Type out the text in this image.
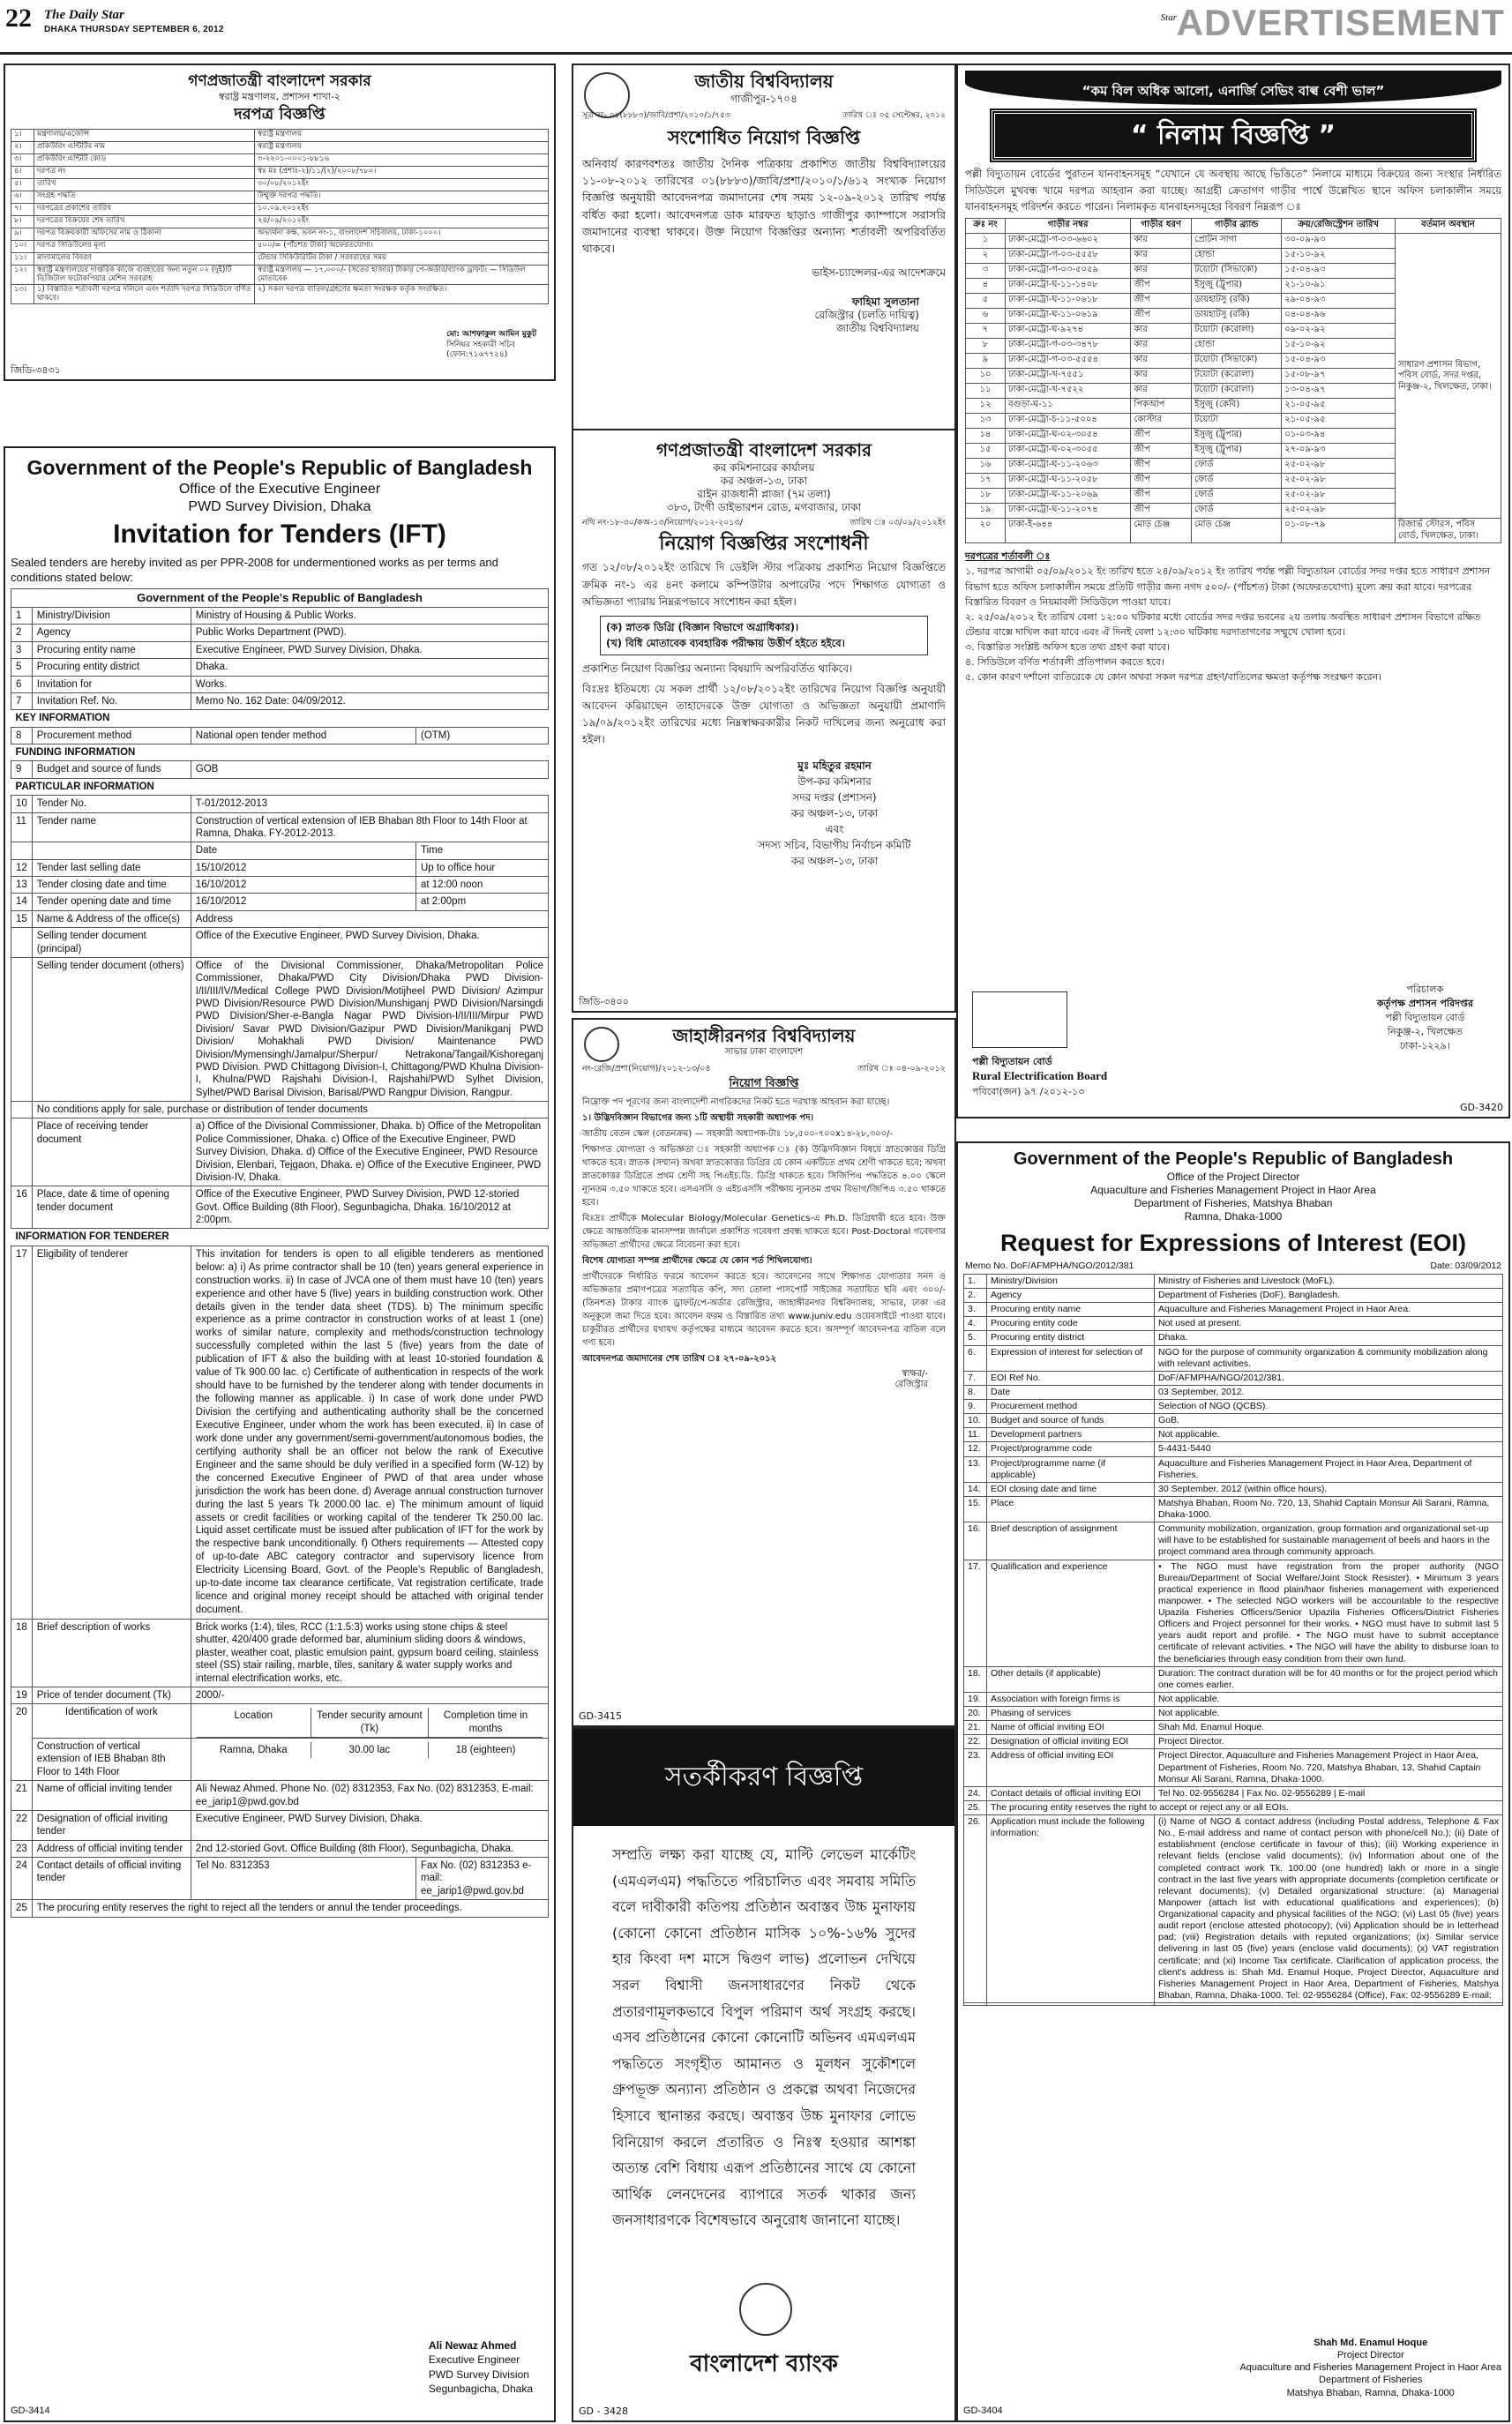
22 The Daily Star
DHAKA THURSDAY SEPTEMBER 6, 2012
Star ADVERTISEMENT
গণপ্রজাতন্ত্রী বাংলাদেশ সরকার
স্বরাষ্ট্র মন্ত্রণালয়, প্রশাসন শাখা-২
দরপত্র বিজ্ঞপ্তি
১।	মন্ত্রণালয়/এজেন্সি	স্বরাষ্ট্র মন্ত্রণালয়
২।	প্রকিউরিং এন্টিটির নাম	স্বরাষ্ট্র মন্ত্রণালয়
৩।	প্রকিউরিং এন্টিটি কোড	৩-২২০১-০০০১-৮৮১৬
৪।	দরপত্র নং	স্বঃ মঃ (প্রশাঃ-২)/১১/(২)/২০০৮/৭৮০।
৫।	তারিখ	৩০/০৮/২০১২ইং
৬।	সংগ্রহ পদ্ধতি	উন্মুক্ত দরপত্র পদ্ধতি।
৭।	দরপত্রের প্রকাশের তারিখ	১০.০৯.২০১২ইং
৮।	দরপত্রের বিক্রয়ের শেষ তারিখ	২৪/০৯/২০১২ইং
৯।	দরপত্র বিক্রয়কারী অফিসের নাম ও ঠিকানা	অভ্যর্থনা কক্ষ, ভবন নং-১, বাংলাদেশ সচিবালয়, ঢাকা-১০০০।
১০।	দরপত্র সিডিউলের মূল্য	৫০০/= (পাঁচশত টাকা) অফেরতযোগ্য।
১১।	মালামালের বিবরণ	টেন্ডার সিকিউরিটির টাকা / সরবরাহের সময়
১২।	স্বরাষ্ট্র মন্ত্রণালয়ের দাপ্তরিক কাজে ব্যবহারের জন্য নতুন ০২ (দুই)টি ডিজিটাল ফটোকপিয়ার মেশিন সরবরাহ	স্বরাষ্ট্র মন্ত্রণালয় — ১৭,০০০/- (সতের হাজার) টাকার পে-অর্ডার/ব্যাংক ড্রাফট। — সিডিউল মোতাবেক
১৩।	১) বিস্তারিত শর্তাবলী দরপত্র দলিলে এবং শর্তাদি দরপত্র সিডিউলে বর্ণিত থাকবে।	২) সকল দরপত্র বাতিল/গ্রহণের ক্ষমতা সংরক্ষক কর্তৃক সংরক্ষিত।
মো: আশফাকুল আমিন মুকুট
সিনিয়র সহকারী সচিব
(ফোন:৭১৬৭৭২৪)
জিডি-৩৪৩১
Government of the People's Republic of Bangladesh
Office of the Executive Engineer
PWD Survey Division, Dhaka
Invitation for Tenders (IFT)
Sealed tenders are hereby invited as per PPR-2008 for undermentioned works as per terms and conditions stated below:
Government of the People's Republic of Bangladesh
1	Ministry/Division	Ministry of Housing & Public Works.
2	Agency	Public Works Department (PWD).
3	Procuring entity name	Executive Engineer, PWD Survey Division, Dhaka.
5	Procuring entity district	Dhaka.
6	Invitation for	Works.
7	Invitation Ref. No.	Memo No. 162 Date: 04/09/2012.
KEY INFORMATION
8	Procurement method	National open tender method	(OTM)
FUNDING INFORMATION
9	Budget and source of funds	GOB
PARTICULAR INFORMATION
10	Tender No.	T-01/2012-2013
11	Tender name	Construction of vertical extension of IEB Bhaban 8th Floor to 14th Floor at Ramna, Dhaka. FY-2012-2013.
		Date	Time
12	Tender last selling date	15/10/2012	Up to office hour
13	Tender closing date and time	16/10/2012	at 12:00 noon
14	Tender opening date and time	16/10/2012	at 2:00pm
15	Name & Address of the office(s)	Address
	Selling tender document (principal)	Office of the Executive Engineer, PWD Survey Division, Dhaka.
	Selling tender document (others)	Office of the Divisional Commissioner, Dhaka/Metropolitan Police Commissioner, Dhaka/PWD City Division/Dhaka PWD Division-I/II/III/IV/Medical College PWD Division/Motijheel PWD Division/ Azimpur PWD Division/Resource PWD Division/Munshiganj PWD Division/Narsingdi PWD Division/Sher-e-Bangla Nagar PWD Division-I/II/III/Mirpur PWD Division/ Savar PWD Division/Gazipur PWD Division/Manikganj PWD Division/ Mohakhali PWD Division/ Maintenance PWD Division/Mymensingh/Jamalpur/Sherpur/ Netrakona/Tangail/Kishoreganj PWD Division. PWD Chittagong Division-I, Chittagong/PWD Khulna Division-I, Khulna/PWD Rajshahi Division-I, Rajshahi/PWD Sylhet Division, Sylhet/PWD Barisal Division, Barisal/PWD Rangpur Division, Rangpur.
	No conditions apply for sale, purchase or distribution of tender documents
	Place of receiving tender document	a) Office of the Divisional Commissioner, Dhaka. b) Office of the Metropolitan Police Commissioner, Dhaka. c) Office of the Executive Engineer, PWD Survey Division, Dhaka. d) Office of the Executive Engineer, PWD Resource Division, Elenbari, Tejgaon, Dhaka. e) Office of the Executive Engineer, PWD Division-IV, Dhaka.
16	Place, date & time of opening tender document	Office of the Executive Engineer, PWD Survey Division, PWD 12-storied Govt. Office Building (8th Floor), Segunbagicha, Dhaka. 16/10/2012 at 2:00pm.
INFORMATION FOR TENDERER
17	Eligibility of tenderer	This invitation for tenders is open to all eligible tenderers as mentioned below: a) i) As prime contractor shall be 10 (ten) years general experience in construction works. ii) In case of JVCA one of them must have 10 (ten) years experience and other have 5 (five) years in building construction work. Other details given in the tender data sheet (TDS). b) The minimum specific experience as a prime contractor in construction works of at least 1 (one) works of similar nature, complexity and methods/construction technology successfully completed within the last 5 (five) years from the date of publication of IFT & also the building with at least 10-storied foundation & value of Tk 900.00 lac. c) Certificate of authentication in respects of the work should have to be furnished by the tenderer along with tender documents in the following manner as applicable. i) In case of work done under PWD Division the certifying and authenticating authority shall be the concerned Executive Engineer, under whom the work has been executed. ii) In case of work done under any government/semi-government/autonomous bodies, the certifying authority shall be an officer not below the rank of Executive Engineer and the same should be duly verified in a specified form (W-12) by the concerned Executive Engineer of PWD of that area under whose jurisdiction the work has been done. d) Average annual construction turnover during the last 5 years Tk 2000.00 lac. e) The minimum amount of liquid assets or credit facilities or working capital of the tenderer Tk 250.00 lac. Liquid asset certificate must be issued after publication of IFT for the work by the respective bank unconditionally. f) Others requirements — Attested copy of up-to-date ABC category contractor and supervisory licence from Electricity Licensing Board, Govt. of the People's Republic of Bangladesh, up-to-date income tax clearance certificate, Vat registration certificate, trade licence and original money receipt should be attached with original tender document.
18	Brief description of works	Brick works (1:4), tiles, RCC (1:1.5:3) works using stone chips & steel shutter, 420/400 grade deformed bar, aluminium sliding doors & windows, plaster, weather coat, plastic emulsion paint, gypsum board ceiling, stainless steel (SS) stair railing, marble, tiles, sanitary & water supply works and internal electrification works, etc.
19	Price of tender document (Tk)	2000/-
20	Identification of work		Location	Tender security amount (Tk)	Completion time in months

Construction of vertical extension of IEB Bhaban 8th Floor to 14th Floor	
Ramna, Dhaka	30.00 lac	18 (eighteen)

21	Name of official inviting tender	Ali Newaz Ahmed. Phone No. (02) 8312353, Fax No. (02) 8312353, E-mail: ee_jarip1@pwd.gov.bd
22	Designation of official inviting tender	Executive Engineer, PWD Survey Division, Dhaka.
23	Address of official inviting tender	2nd 12-storied Govt. Office Building (8th Floor), Segunbagicha, Dhaka.
24	Contact details of official inviting tender	Tel No. 8312353	Fax No. (02) 8312353 e-mail: ee_jarip1@pwd.gov.bd
25	The procuring entity reserves the right to reject all the tenders or annul the tender proceedings.
Ali Newaz Ahmed
Executive Engineer
PWD Survey Division
Segunbagicha, Dhaka
GD-3414
জাতীয় বিশ্ববিদ্যালয়
গাজীপুর-১৭০৪
সূত্র নং- ০১(৮৮৮৩)/জাবি/প্রশা/২০১০/১/৭৫৩	তারিখ ঃ ০৫ সেপ্টেম্বর, ২০১২
সংশোধিত নিয়োগ বিজ্ঞপ্তি

অনিবার্য কারণবশতঃ জাতীয় দৈনিক পত্রিকায় প্রকাশিত জাতীয় বিশ্ববিদ্যালয়ের ১১-০৮-২০১২ তারিখের ০১(৮৮৮৩)/জাবি/প্রশা/২০১০/১/৬১২ সংখ্যক নিয়োগ বিজ্ঞপ্তি অনুযায়ী আবেদনপত্র জমাদানের শেষ সময় ১২-০৯-২০১২ তারিখ পর্যন্ত বর্ধিত করা হলো। আবেদনপত্র ডাক মারফত ছাড়াও গাজীপুর ক্যাম্পাসে সরাসরি জমাদানের ব্যবস্থা থাকবে। উক্ত নিয়োগ বিজ্ঞপ্তির অন্যান্য শর্তাবলী অপরিবর্তিত থাকবে।

ভাইস-চ্যান্সেলর-এর আদেশক্রমে
ফাহিমা সুলতানা
রেজিস্ট্রার (চলতি দায়িত্ব)
জাতীয় বিশ্ববিদ্যালয়
গণপ্রজাতন্ত্রী বাংলাদেশ সরকার
কর কমিশনারের কার্যালয়
কর অঞ্চল-১৩, ঢাকা
রাইন রাজধানী প্লাজা (৭ম তলা)
৩৮৩, টংগী ডাইভারশন রোড, মগবাজার, ঢাকা
নথি নং-১৮-৩০/কঅ-১৩/নিয়োগ/২০১২-২০১৩/	তারিখ ঃ ০৩/০৯/২০১২ইং
নিয়োগ বিজ্ঞপ্তির সংশোধনী

গত ১২/০৮/২০১২ইং তারিখে দি ডেইলি স্টার পত্রিকায় প্রকাশিত নিয়োগ বিজ্ঞপ্তিতে ক্রমিক নং-১ এর ৪নং কলামে কম্পিউটার অপারেটর পদে শিক্ষাগত যোগ্যতা ও অভিজ্ঞতা প্যারায় নিম্নরূপভাবে সংশোধন করা হইল।

(ক) স্নাতক ডিগ্রি (বিজ্ঞান বিভাগে অগ্রাধিকার)।
(খ) বিধি মোতাবেক ব্যবহারিক পরীক্ষায় উত্তীর্ণ হইতে হইবে।

প্রকাশিত নিয়োগ বিজ্ঞপ্তির অন্যান্য বিষয়াদি অপরিবর্তিত থাকিবে।

বিঃদ্রঃ ইতিমধ্যে যে সকল প্রার্থী ১২/০৮/২০১২ইং তারিখের নিয়োগ বিজ্ঞপ্তি অনুযায়ী আবেদন করিয়াছেন তাহাদেরকে উক্ত যোগ্যতা ও অভিজ্ঞতা অনুযায়ী প্রমাণাদি ১৯/০৯/২০১২ইং তারিখের মধ্যে নিম্নস্বাক্ষরকারীর নিকট দাখিলের জন্য অনুরোধ করা হইল।

মুঃ মহিতুর রহমান
উপ-কর কমিশনার
সদর দপ্তর (প্রশাসন)
কর অঞ্চল-১৩, ঢাকা
এবং
সদস্য সচিব, বিভাগীয় নির্বাচন কমিটি
কর অঞ্চল-১৩, ঢাকা
জিডি-৩৪০০
জাহাঙ্গীরনগর বিশ্ববিদ্যালয়
সাভার ঢাকা বাংলাদেশ
নং-রেজি/প্রশা(নিয়োগ)/২০১২-১৩/০৪	তারিখ ঃ ০৪-০৯-২০১২
নিয়োগ বিজ্ঞপ্তি

নিম্নোক্ত পদ পূরণের জন্য বাংলাদেশী নাগরিকদের নিকট হতে দরখাস্ত আহবান করা যাচ্ছে।

১। উদ্ভিদবিজ্ঞান বিভাগের জন্য ১টি অস্থায়ী সহকারী অধ্যাপক পদ।

জাতীয় বেতন স্কেল (বেতনক্রম) — সহকারী অধ্যাপক-টাঃ ১৮,৫০০-৭০০x১৪-২৮,৩০০/-

শিক্ষাগত যোগ্যতা ও অভিজ্ঞতা ঃ সহকারী অধ্যাপক ঃ (ক) উদ্ভিদবিজ্ঞান বিষয়ে স্নাতকোত্তর ডিগ্রি থাকতে হবে। স্নাতক (সম্মান) অথবা স্নাতকোত্তর ডিগ্রির যে কোন একটিতে প্রথম শ্রেণী থাকতে হবে; অথবা স্নাতকোত্তর ডিগ্রিতে প্রথম শ্রেণী সহ পিএইচ.ডি. ডিগ্রি থাকতে হবে। সিজিপিএ পদ্ধতিতে ৪.০০ স্কেলে ন্যূনতম ৩.৫০ থাকতে হবে। এসএসসি ও এইচএসসি পরীক্ষায় ন্যূনতম প্রথম বিভাগ/জিপিএ ৩.৫০ থাকতে হবে।

বিঃদ্রঃ প্রার্থীকে Molecular Biology/Molecular Genetics-এ Ph.D. ডিগ্রিধারী হতে হবে। উক্ত ক্ষেত্রে আন্তর্জাতিক মানসম্পন্ন জার্নালে প্রকাশিত গবেষণা প্রবন্ধ থাকতে হবে। Post-Doctoral গবেষণার অভিজ্ঞতা প্রার্থীদের ক্ষেত্রে বিবেচনা করা হবে।

বিশেষ যোগ্যতা সম্পন্ন প্রার্থীদের ক্ষেত্রে যে কোন শর্ত শিথিলযোগ্য।

প্রার্থীদেরকে নির্ধারিত ফরমে আবেদন করতে হবে। আবেদনের সাথে শিক্ষাগত যোগ্যতার সনদ ও অভিজ্ঞতার প্রমাণপত্রের সত্যায়িত কপি, সদ্য তোলা পাসপোর্ট সাইজের সত্যায়িত ছবি এবং ৩০০/- (তিনশত) টাকার ব্যাংক ড্রাফট/পে-অর্ডার রেজিস্ট্রার, জাহাঙ্গীরনগর বিশ্ববিদ্যালয়, সাভার, ঢাকা এর অনুকূলে জমা দিতে হবে। আবেদন ফরম ও বিস্তারিত তথ্য www.juniv.edu ওয়েবসাইটে পাওয়া যাবে। চাকুরীরত প্রার্থীদের যথাযথ কর্তৃপক্ষের মাধ্যমে আবেদন করতে হবে। অসম্পূর্ণ আবেদনপত্র বাতিল বলে গণ্য হবে।

আবেদনপত্র জমাদানের শেষ তারিখ ঃ ২৭-০৯-২০১২

স্বাক্ষর/-
রেজিস্ট্রার
GD-3415
সতর্কীকরণ বিজ্ঞপ্তি

সম্প্রতি লক্ষ্য করা যাচ্ছে যে, মাল্টি লেভেল মার্কেটিং (এমএলএম) পদ্ধতিতে পরিচালিত এবং সমবায় সমিতি বলে দাবীকারী কতিপয় প্রতিষ্ঠান অবাস্তব উচ্চ মুনাফায় (কোনো কোনো প্রতিষ্ঠান মাসিক ১০%-১৬% সুদের হার কিংবা দশ মাসে দ্বিগুণ লাভ) প্রলোভন দেখিয়ে সরল বিশ্বাসী জনসাধারণের নিকট থেকে প্রতারণামূলকভাবে বিপুল পরিমাণ অর্থ সংগ্রহ করছে। এসব প্রতিষ্ঠানের কোনো কোনোটি অভিনব এমএলএম পদ্ধতিতে সংগৃহীত আমানত ও মূলধন সুকৌশলে গ্রুপভূক্ত অন্যান্য প্রতিষ্ঠান ও প্রকল্পে অথবা নিজেদের হিসাবে স্থানান্তর করছে। অবাস্তব উচ্চ মুনাফার লোভে বিনিয়োগ করলে প্রতারিত ও নিঃস্ব হওয়ার আশঙ্কা অত্যন্ত বেশি বিধায় এরূপ প্রতিষ্ঠানের সাথে যে কোনো আর্থিক লেনদেনের ব্যাপারে সতর্ক থাকার জন্য জনসাধারণকে বিশেষভাবে অনুরোধ জানানো যাচ্ছে।

বাংলাদেশ ব্যাংক
GD - 3428
“কম বিল অধিক আলো, এনার্জি সেভিং বাল্ব বেশী ভাল”
“ নিলাম বিজ্ঞপ্তি ”

পল্লী বিদ্যুতায়ন বোর্ডের পুরাতন যানবাহনসমূহ “যেখানে যে অবস্থায় আছে ভিত্তিতে” নিলামে মাধ্যমে বিক্রয়ের জন্য সংস্থার নির্ধারিত সিডিউলে মুখবন্ধ খামে দরপত্র আহবান করা যাচ্ছে। আগ্রহী ক্রেতাগণ গাড়ীর পার্শ্বে উল্লেখিত স্থানে অফিস চলাকালীন সময়ে যানবাহনসমূহ পরিদর্শন করতে পারেন। নিলামকৃত যানবাহনসমূহের বিবরণ নিম্নরূপ ঃ

ক্রঃ নং	গাড়ীর নম্বর	গাড়ীর ধরণ	গাড়ীর ব্র্যান্ড	ক্রয়/রেজিস্ট্রেশন তারিখ	বর্তমান অবস্থান
১	ঢাকা-মেট্রো-গ-০৩-৬৬০২	কার	প্রোটন সাগা	৩০-০৯-৯৩	সাধারণ প্রশাসন বিভাগ, পবিস বোর্ড, সদর দপ্তর, নিকুঞ্জ-২, খিলক্ষেত, ঢাকা।
২	ঢাকা-মেট্রো-গ-০৩-৫৫৫৮	কার	হোন্ডা	১৫-১০-৯২	
৩	ঢাকা-মেট্রো-গ-০৩-৫০৫৯	কার	টয়োটা (সিভাকো)	১৫-০৪-৯৩	
৪	ঢাকা-মেট্রো-ঘ-১১-১৪০৮	জীপ	ইসুজু (ট্রুপার)	২১-১০-৯১	
৫	ঢাকা-মেট্রো-ঘ-১১-০৬১৮	জীপ	ডায়হাটসু (রকি)	২৯-০৪-৯৩	
৬	ঢাকা-মেট্রো-ঘ-১১-০৬১৯	জীপ	ডায়হাটসু (রকি)	০৪-০৪-৯৬	
৭	ঢাকা-মেট্রো-ঘ-৯২৭৪	কার	টয়োটা (করোলা)	০৯-০২-৯২	
৮	ঢাকা-মেট্রো-গ-০৩-৩৪৭৮	কার	হোন্ডা	১৫-১০-৯২	
৯	ঢাকা-মেট্রো-গ-০৩-৫৫৫৪	কার	টয়োটা (সিভাকো)	১৫-০৪-৯৩	
১০	ঢাকা-মেট্রো-খ-৭৫৫১	কার	টয়োটা (করোলা)	১৫-০৮-৯৭	
১১	ঢাকা-মেট্রো-খ-৭৫২২	কার	টয়োটা (করোলা)	১৩-০৪-৯৭	
১২	বগুড়া-ঘ-১১	পিকআপ	ইসুজু (কেবি)	২১-০৫-৯৫	
১৩	ঢাকা-মেট্রো-চ-১১-৫০০৪	কোস্টার	টয়োটা	২১-০৫-৯৫	
১৪	ঢাকা-মেট্রো-ঘ-০২-৩০৫৪	জীপ	ইসুজু (ট্রুপার)	০১-০৩-৯৪	
১৫	ঢাকা-মেট্রো-ঘ-০২-৩০৫৫	জীপ	ইসুজু (ট্রুপার)	২৭-০৯-৯৩	
১৬	ঢাকা-মেট্রো-ঘ-১১-২০৬৩	জীপ	ফোর্ড	২৫-০২-৯৮	
১৭	ঢাকা-মেট্রো-ঘ-১১-২০৫৮	জীপ	ফোর্ড	২৫-০২-৯৮	
১৮	ঢাকা-মেট্রো-ঘ-১১-২০৬৯	জীপ	ফোর্ড	২৫-০২-৯৮	
১৯	ঢাকা-মেট্রো-ঘ-১১-২০৭৪	জীপ	ফোর্ড	২৫-০২-৯৮	
২০	ঢাকা-ই-৬৪৪	মোড় চেঞ্জ	মোড় চেঞ্জ	০১-০৮-৭৯	রিজার্ভ স্টোরস, পবিস বোর্ড, খিলক্ষেত, ঢাকা।
দরপত্রের শর্তাবলী ঃ
১. দরপত্র আগামী ০৫/০৯/২০১২ ইং তারিখ হতে ২৪/০৯/২০১২ ইং তারিখ পর্যন্ত পল্লী বিদ্যুতায়ন বোর্ডের সদর দপ্তর হতে সাধারণ প্রশাসন বিভাগ হতে অফিস চলাকালীন সময়ে প্রতিটি গাড়ীর জন্য নগদ ৫০০/- (পাঁচশত) টাকা (অফেরতযোগ্য) মূল্যে ক্রয় করা যাবে। দরপত্রের বিস্তারিত বিবরণ ও নিয়মাবলী সিডিউলে পাওয়া যাবে।
২. ২৫/০৯/২০১২ ইং তারিখ বেলা ১২:০০ ঘটিকার মধ্যে বোর্ডের সদর দপ্তর ভবনের ২য় তলায় অবস্থিত সাধারণ প্রশাসন বিভাগে রক্ষিত টেন্ডার বাক্সে দাখিল করা যাবে এবং ঐ দিনই বেলা ১২:৩০ ঘটিকায় দরদাতাগণের সম্মুখে খোলা হবে।
৩. বিস্তারিত সংশ্লিষ্ট অফিস হতে তথ্য গ্রহণ করা যাবে।
৪. সিডিউলে বর্ণিত শর্তাবলী প্রতিপালন করতে হবে।
৫. কোন কারণ দর্শানো ব্যতিরেকে যে কোন অথবা সকল দরপত্র গ্রহণ/বাতিলের ক্ষমতা কর্তৃপক্ষ সংরক্ষণ করেন।
পল্লী বিদ্যুতায়ন বোর্ড
Rural Electrification Board
পবিবো(জন) ৯৭ /২০১২-১৩
পরিচালক
কর্তৃপক্ষ প্রশাসন পরিদপ্তর
পল্লী বিদ্যুতায়ন বোর্ড
নিকুঞ্জ-২, খিলক্ষেত
ঢাকা-১২২৯।
GD-3420
Government of the People's Republic of Bangladesh
Office of the Project Director
Aquaculture and Fisheries Management Project in Haor Area
Department of Fisheries, Matshya Bhaban
Ramna, Dhaka-1000
Request for Expressions of Interest (EOI)
Memo No. DoF/AFMPHA/NGO/2012/381	Date: 03/09/2012
1.	Ministry/Division	Ministry of Fisheries and Livestock (MoFL).
2.	Agency	Department of Fisheries (DoF), Bangladesh.
3.	Procuring entity name	Aquaculture and Fisheries Management Project in Haor Area.
4.	Procuring entity code	Not used at present.
5.	Procuring entity district	Dhaka.
6.	Expression of interest for selection of	NGO for the purpose of community organization & community mobilization along with relevant activities.
7.	EOI Ref No.	DoF/AFMPHA/NGO/2012/381.
8.	Date	03 September, 2012.
9.	Procurement method	Selection of NGO (QCBS).
10.	Budget and source of funds	GoB.
11.	Development partners	Not applicable.
12.	Project/programme code	5-4431-5440
13.	Project/programme name (if applicable)	Aquaculture and Fisheries Management Project in Haor Area, Department of Fisheries.
14.	EOI closing date and time	30 September, 2012 (within office hours).
15.	Place	Matshya Bhaban, Room No. 720, 13, Shahid Captain Monsur Ali Sarani, Ramna, Dhaka-1000.
16.	Brief description of assignment	Community mobilization, organization, group formation and organizational set-up will have to be established for sustainable management of beels and haors in the project command area through community approach.
17.	Qualification and experience	• The NGO must have registration from the proper authority (NGO Bureau/Department of Social Welfare/Joint Stock Resister). • Minimum 3 years practical experience in flood plain/haor fisheries management with experienced manpower. • The selected NGO workers will be accountable to the respective Upazila Fisheries Officers/Senior Upazila Fisheries Officers/District Fisheries Officers and Project personnel for their works. • NGO must have to submit last 5 years audit report and profile. • The NGO must have to submit acceptance certificate of relevant activities. • The NGO will have the ability to disburse loan to the beneficiaries through easy condition from their own fund.
18.	Other details (if applicable)	Duration: The contract duration will be for 40 months or for the project period which one comes earlier.
19.	Association with foreign firms is	Not applicable.
20.	Phasing of services	Not applicable.
21.	Name of official inviting EOI	Shah Md. Enamul Hoque.
22.	Designation of official inviting EOI	Project Director.
23.	Address of official inviting EOI	Project Director, Aquaculture and Fisheries Management Project in Haor Area, Department of Fisheries, Room No. 720, Matshya Bhaban, 13, Shahid Captain Monsur Ali Sarani, Ramna, Dhaka-1000.
24.	Contact details of official inviting EOI	Tel No. 02-9556284 | Fax No. 02-9556289 | E-mail
25.	The procuring entity reserves the right to accept or reject any or all EOIs.	
26.	Application must include the following information:	(i) Name of NGO & contact address (including Postal address, Telephone & Fax No., E-mail address and name of contact person with phone/cell No.); (ii) Date of establishment (enclose certificate in favour of this); (iii) Working experience in relevant fields (enclose valid documents); (iv) Information about one of the completed contract work Tk. 100.00 (one hundred) lakh or more in a single contract in the last five years with appropriate documents (completion certificate or relevant documents); (v) Detailed organizational structure: (a) Managerial Manpower (attach list with educational qualifications and experiences); (b) Organizational capacity and physical facilities of the NGO; (vi) Last 05 (five) years audit report (enclose attested photocopy); (vii) Application should be in letterhead pad; (viii) Registration details with reputed organizations; (ix) Similar service delivering in last 05 (five) years (enclose valid documents); (x) VAT registration certificate; and (xi) Income Tax certificate. Clarification of application process, the client's address is: Shah Md. Enamul Hoque, Project Director, Aquaculture and Fisheries Management Project in Haor Area, Department of Fisheries, Matshya Bhaban, Ramna, Dhaka-1000. Tel: 02-9556284 (Office), Fax: 02-9556289 E-mail:

Shah Md. Enamul Hoque
Project Director
Aquaculture and Fisheries Management Project in Haor Area
Department of Fisheries
Matshya Bhaban, Ramna, Dhaka-1000
GD-3404
